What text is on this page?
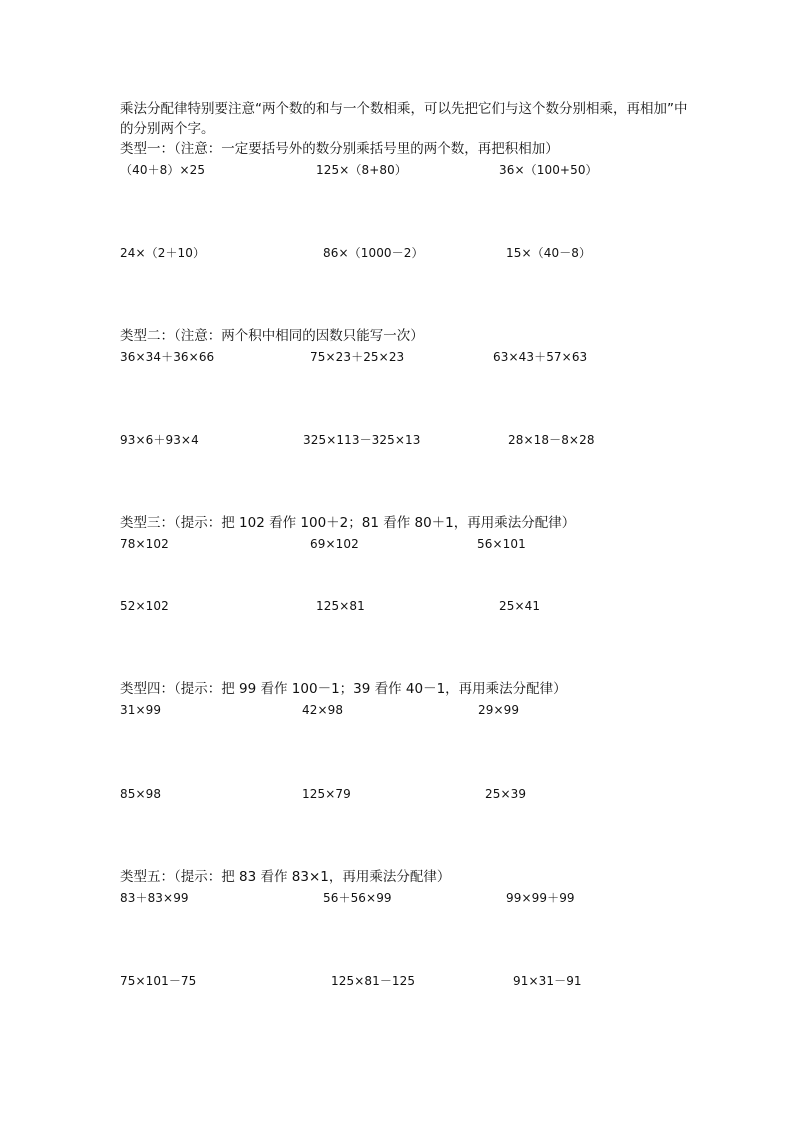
乘法分配律特别要注意“两个数的和与一个数相乘，可以先把它们与这个数分别相乘，再相加”中的分别两个字。
类型一：（注意：一定要括号外的数分别乘括号里的两个数，再把积相加）
（40＋8）×25	125×（8+80）	36×（100+50）
24×（2＋10）	86×（1000－2）	15×（40－8）
类型二：（注意：两个积中相同的因数只能写一次）
36×34＋36×66	75×23＋25×23	63×43＋57×63
93×6＋93×4	325×113－325×13	28×18－8×28
类型三：（提示：把 102 看作 100＋2；81 看作 80＋1，再用乘法分配律）
78×102	69×102	56×101
52×102	125×81	25×41
类型四：（提示：把 99 看作 100－1；39 看作 40－1，再用乘法分配律）
31×99	42×98	29×99
85×98	125×79	25×39
类型五：（提示：把 83 看作 83×1，再用乘法分配律）
83＋83×99	56＋56×99	99×99＋99
75×101－75	125×81－125	91×31－91
